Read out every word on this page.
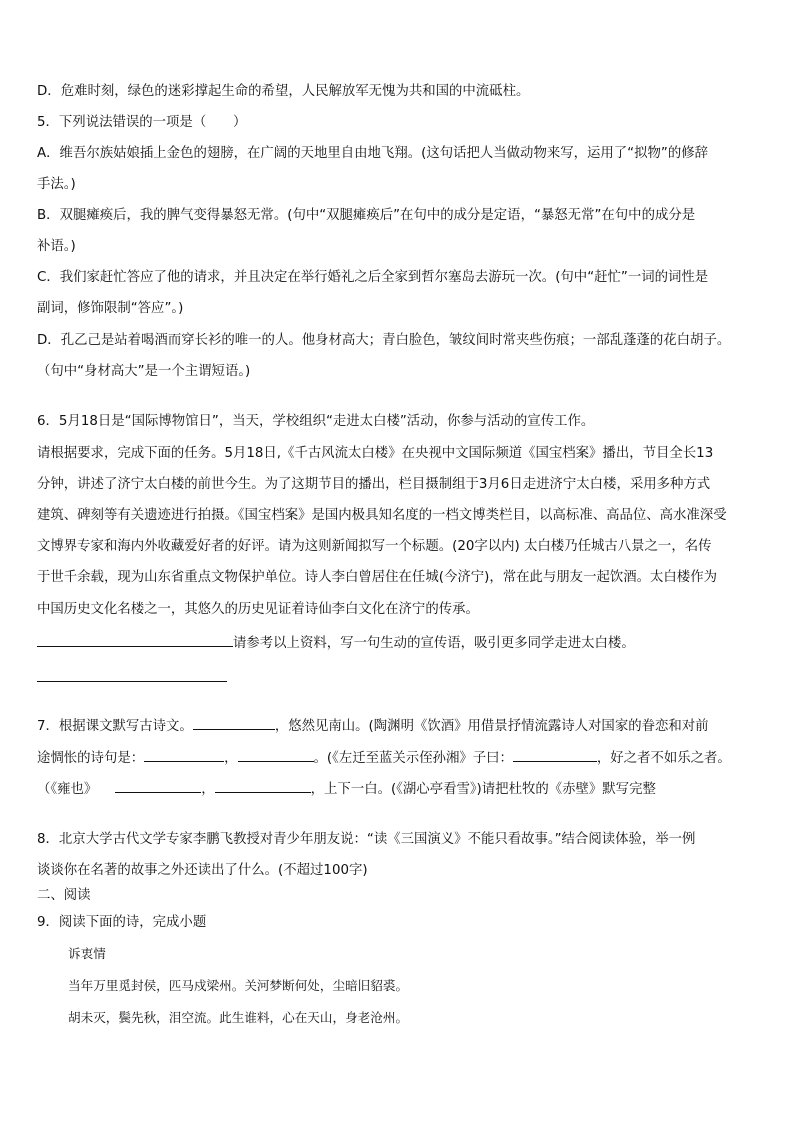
D．危难时刻，绿色的迷彩撑起生命的希望，人民解放军无愧为共和国的中流砥柱。
5．下列说法错误的一项是（　　）
A．维吾尔族姑娘插上金色的翅膀，在广阔的天地里自由地飞翔。(这句话把人当做动物来写，运用了“拟物”的修辞
手法。)
B．双腿瘫痪后，我的脾气变得暴怒无常。(句中“双腿瘫痪后”在句中的成分是定语，“暴怒无常”在句中的成分是
补语。)
C．我们家赶忙答应了他的请求，并且决定在举行婚礼之后全家到哲尔塞岛去游玩一次。(句中“赶忙”一词的词性是
副词，修饰限制“答应”。)
D．孔乙己是站着喝酒而穿长衫的唯一的人。他身材高大；青白脸色，皱纹间时常夹些伤痕；一部乱蓬蓬的花白胡子。
（句中“身材高大”是一个主谓短语。)
6．5月18日是“国际博物馆日”，当天，学校组织“走进太白楼”活动，你参与活动的宣传工作。
请根据要求，完成下面的任务。5月18日,《千古风流太白楼》在央视中文国际频道《国宝档案》播出，节目全长13
分钟，讲述了济宁太白楼的前世今生。为了这期节目的播出，栏目摄制组于3月6日走进济宁太白楼，采用多种方式
建筑、碑刻等有关遗迹进行拍摄。《国宝档案》是国内极具知名度的一档文博类栏目，以高标准、高品位、高水准深受
文博界专家和海内外收藏爱好者的好评。请为这则新闻拟写一个标题。(20字以内) 太白楼乃任城古八景之一，名传
于世千余载，现为山东省重点文物保护单位。诗人李白曾居住在任城(今济宁)，常在此与朋友一起饮酒。太白楼作为
中国历史文化名楼之一，其悠久的历史见证着诗仙李白文化在济宁的传承。
请参考以上资料，写一句生动的宣传语，吸引更多同学走进太白楼。
7．根据课文默写古诗文。	，悠然见南山。(陶渊明《饮酒》用借景抒情流露诗人对国家的眷恋和对前
途惆怅的诗句是：	，	。(《左迁至蓝关示侄孙湘》子曰：	，好之者不如乐之者。
（《雍也》	，	，上下一白。(《湖心亭看雪》)请把杜牧的《赤壁》默写完整
8．北京大学古代文学专家李鹏飞教授对青少年朋友说：“读《三国演义》不能只看故事。”结合阅读体验，举一例
谈谈你在名著的故事之外还读出了什么。(不超过100字)
二、阅读
9．阅读下面的诗，完成小题
诉衷情
当年万里觅封侯，匹马戍梁州。关河梦断何处，尘暗旧貂裘。
胡未灭，鬓先秋，泪空流。此生谁料，心在天山，身老沧州。
